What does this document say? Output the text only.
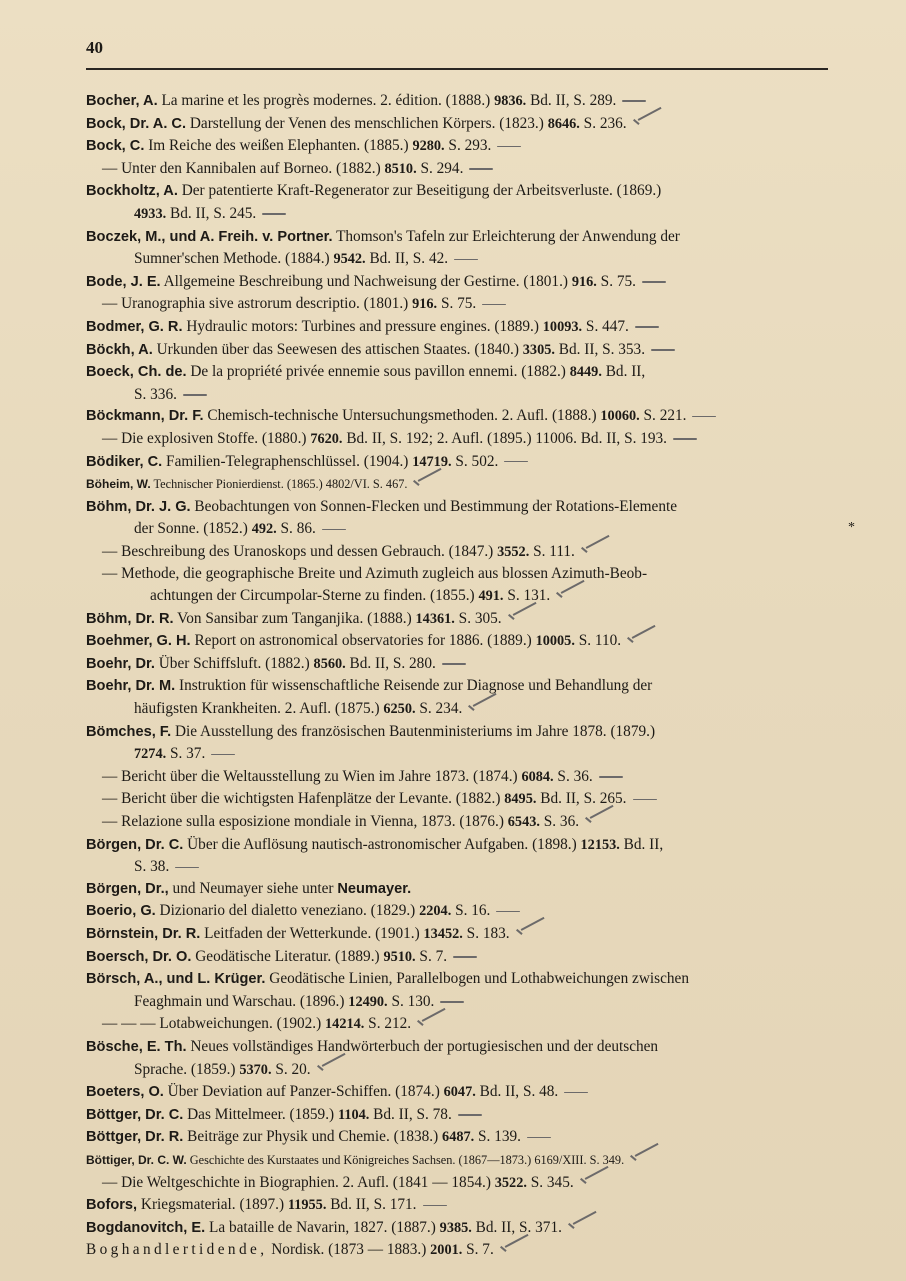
40
*
Bocher, A. La marine et les progrès modernes. 2. édition. (1888.) 9836. Bd. II, S. 289.
Bock, Dr. A. C. Darstellung der Venen des menschlichen Körpers. (1823.) 8646. S. 236.
Bock, C. Im Reiche des weißen Elephanten. (1885.) 9280. S. 293.
— Unter den Kannibalen auf Borneo. (1882.) 8510. S. 294.
Bockholtz, A. Der patentierte Kraft-Regenerator zur Beseitigung der Arbeitsverluste. (1869.)
4933. Bd. II, S. 245.
Boczek, M., und A. Freih. v. Portner. Thomson's Tafeln zur Erleichterung der Anwendung der
Sumner'schen Methode. (1884.) 9542. Bd. II, S. 42.
Bode, J. E. Allgemeine Beschreibung und Nachweisung der Gestirne. (1801.) 916. S. 75.
— Uranographia sive astrorum descriptio. (1801.) 916. S. 75.
Bodmer, G. R. Hydraulic motors: Turbines and pressure engines. (1889.) 10093. S. 447.
Böckh, A. Urkunden über das Seewesen des attischen Staates. (1840.) 3305. Bd. II, S. 353.
Boeck, Ch. de. De la propriété privée ennemie sous pavillon ennemi. (1882.) 8449. Bd. II,
S. 336.
Böckmann, Dr. F. Chemisch-technische Untersuchungsmethoden. 2. Aufl. (1888.) 10060. S. 221.
— Die explosiven Stoffe. (1880.) 7620. Bd. II, S. 192; 2. Aufl. (1895.) 11006. Bd. II, S. 193.
Bödiker, C. Familien-Telegraphenschlüssel. (1904.) 14719. S. 502.
Böheim, W. Technischer Pionierdienst. (1865.) 4802/VI. S. 467.
Böhm, Dr. J. G. Beobachtungen von Sonnen-Flecken und Bestimmung der Rotations-Elemente
der Sonne. (1852.) 492. S. 86.
— Beschreibung des Uranoskops und dessen Gebrauch. (1847.) 3552. S. 111.
— Methode, die geographische Breite und Azimuth zugleich aus blossen Azimuth-Beob-
achtungen der Circumpolar-Sterne zu finden. (1855.) 491. S. 131.
Böhm, Dr. R. Von Sansibar zum Tanganjika. (1888.) 14361. S. 305.
Boehmer, G. H. Report on astronomical observatories for 1886. (1889.) 10005. S. 110.
Boehr, Dr. Über Schiffsluft. (1882.) 8560. Bd. II, S. 280.
Boehr, Dr. M. Instruktion für wissenschaftliche Reisende zur Diagnose und Behandlung der
häufigsten Krankheiten. 2. Aufl. (1875.) 6250. S. 234.
Bömches, F. Die Ausstellung des französischen Bautenministeriums im Jahre 1878. (1879.)
7274. S. 37.
— Bericht über die Weltausstellung zu Wien im Jahre 1873. (1874.) 6084. S. 36.
— Bericht über die wichtigsten Hafenplätze der Levante. (1882.) 8495. Bd. II, S. 265.
— Relazione sulla esposizione mondiale in Vienna, 1873. (1876.) 6543. S. 36.
Börgen, Dr. C. Über die Auflösung nautisch-astronomischer Aufgaben. (1898.) 12153. Bd. II,
S. 38.
Börgen, Dr., und Neumayer siehe unter Neumayer.
Boerio, G. Dizionario del dialetto veneziano. (1829.) 2204. S. 16.
Börnstein, Dr. R. Leitfaden der Wetterkunde. (1901.) 13452. S. 183.
Boersch, Dr. O. Geodätische Literatur. (1889.) 9510. S. 7.
Börsch, A., und L. Krüger. Geodätische Linien, Parallelbogen und Lothabweichungen zwischen
Feaghmain und Warschau. (1896.) 12490. S. 130.
— — — Lotabweichungen. (1902.) 14214. S. 212.
Bösche, E. Th. Neues vollständiges Handwörterbuch der portugiesischen und der deutschen
Sprache. (1859.) 5370. S. 20.
Boeters, O. Über Deviation auf Panzer-Schiffen. (1874.) 6047. Bd. II, S. 48.
Böttger, Dr. C. Das Mittelmeer. (1859.) 1104. Bd. II, S. 78.
Böttger, Dr. R. Beiträge zur Physik und Chemie. (1838.) 6487. S. 139.
Böttiger, Dr. C. W. Geschichte des Kurstaates und Königreiches Sachsen. (1867—1873.) 6169/XIII. S. 349.
— Die Weltgeschichte in Biographien. 2. Aufl. (1841 — 1854.) 3522. S. 345.
Bofors, Kriegsmaterial. (1897.) 11955. Bd. II, S. 171.
Bogdanovitch, E. La bataille de Navarin, 1827. (1887.) 9385. Bd. II, S. 371.
Boghandlertidende, Nordisk. (1873 — 1883.) 2001. S. 7.
